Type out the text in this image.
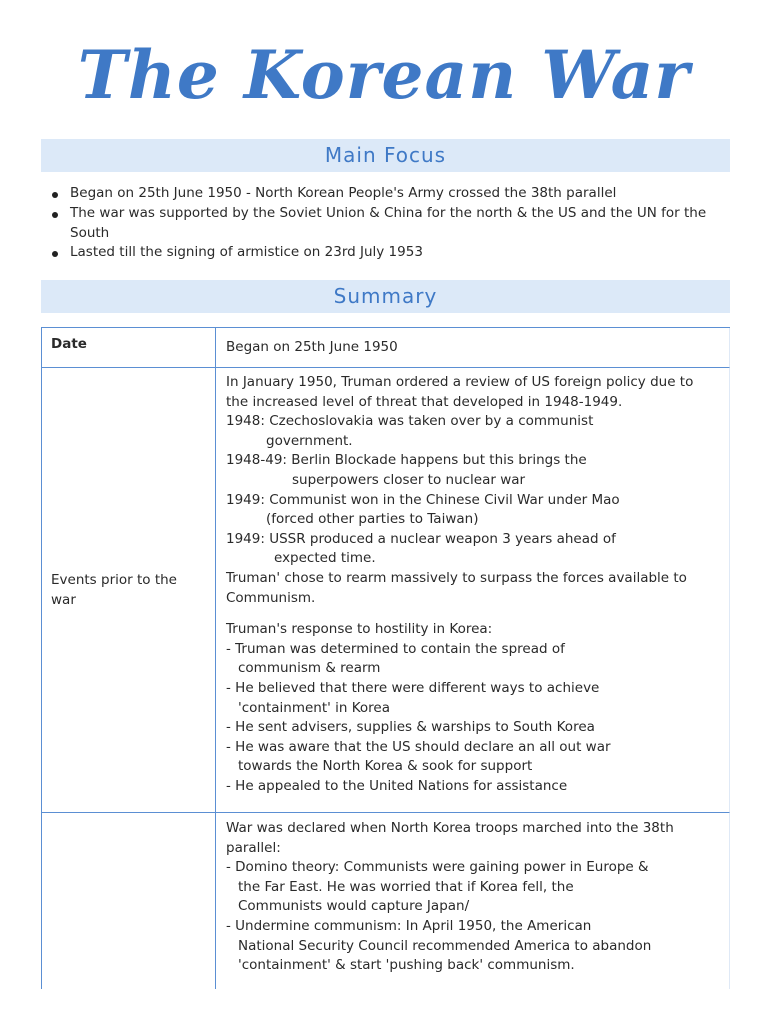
The Korean War
Main Focus
Began on 25th June 1950 - North Korean People's Army crossed the 38th parallel
The war was supported by the Soviet Union & China for the north & the US and the UN for the South
Lasted till the signing of armistice on 23rd July 1953
Summary
Date	Began on 25th June 1950
Events prior to the war
In January 1950, Truman ordered a review of US foreign policy due to
the increased level of threat that developed in 1948-1949.
1948: Czechoslovakia was taken over by a communist
government.
1948-49: Berlin Blockade happens but this brings the
superpowers closer to nuclear war
1949: Communist won in the Chinese Civil War under Mao
(forced other parties to Taiwan)
1949: USSR produced a nuclear weapon 3 years ahead of
expected time.
Truman' chose to rearm massively to surpass the forces available to
Communism.
Truman's response to hostility in Korea:
- Truman was determined to contain the spread of
communism & rearm
- He believed that there were different ways to achieve
'containment' in Korea
- He sent advisers, supplies & warships to South Korea
- He was aware that the US should declare an all out war
towards the North Korea & sook for support
- He appealed to the United Nations for assistance
War was declared when North Korea troops marched into the 38th
parallel:
- Domino theory: Communists were gaining power in Europe &
the Far East. He was worried that if Korea fell, the
Communists would capture Japan/
- Undermine communism: In April 1950, the American
National Security Council recommended America to abandon
'containment' & start 'pushing back' communism.
